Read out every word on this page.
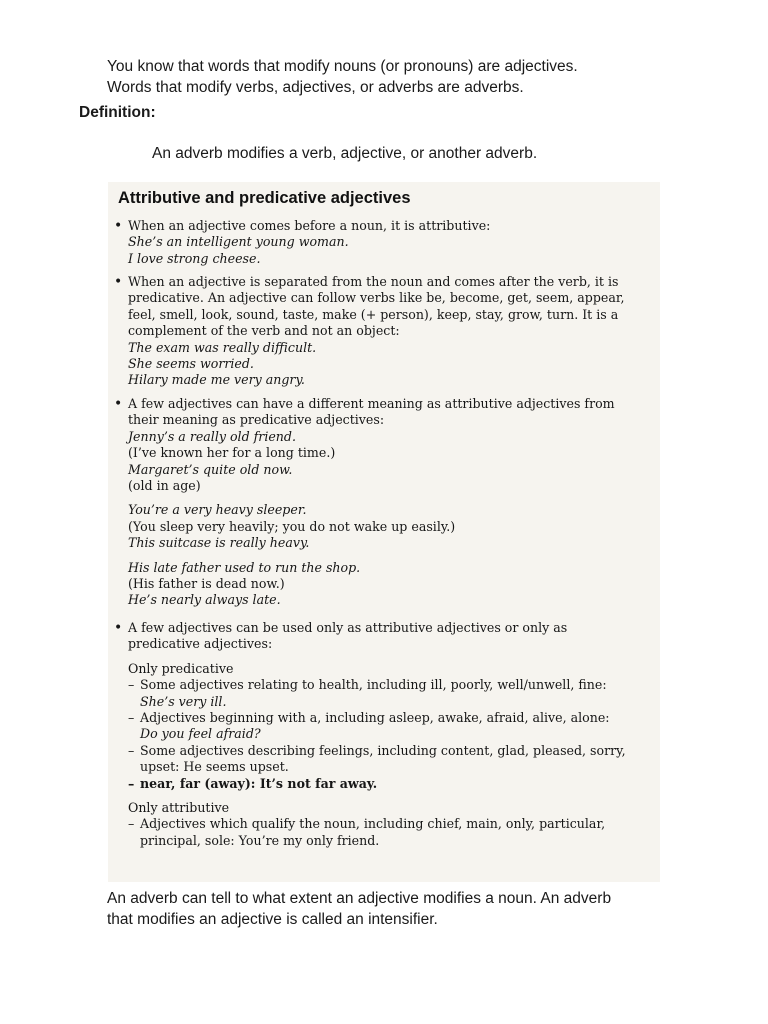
You know that words that modify nouns (or pronouns) are adjectives.

Words that modify verbs, adjectives, or adverbs are adverbs.

Definition:

An adverb modifies a verb, adjective, or another adverb.

Attributive and predicative adjectives

• When an adjective comes before a noun, it is attributive:

She’s an intelligent young woman.

I love strong cheese.

• When an adjective is separated from the noun and comes after the verb, it is

predicative. An adjective can follow verbs like be, become, get, seem, appear,

feel, smell, look, sound, taste, make (+ person), keep, stay, grow, turn. It is a

complement of the verb and not an object:

The exam was really difficult.

She seems worried.

Hilary made me very angry.

• A few adjectives can have a different meaning as attributive adjectives from

their meaning as predicative adjectives:

Jenny’s a really old friend.

(I’ve known her for a long time.)

Margaret’s quite old now.

(old in age)

You’re a very heavy sleeper.

(You sleep very heavily; you do not wake up easily.)

This suitcase is really heavy.

His late father used to run the shop.

(His father is dead now.)

He’s nearly always late.

• A few adjectives can be used only as attributive adjectives or only as

predicative adjectives:

Only predicative

– Some adjectives relating to health, including ill, poorly, well/unwell, fine:

She’s very ill.

– Adjectives beginning with a, including asleep, awake, afraid, alive, alone:

Do you feel afraid?

– Some adjectives describing feelings, including content, glad, pleased, sorry,

upset: He seems upset.

– near, far (away): It’s not far away.

Only attributive

– Adjectives which qualify the noun, including chief, main, only, particular,

principal, sole: You’re my only friend.

An adverb can tell to what extent an adjective modifies a noun. An adverb

that modifies an adjective is called an intensifier.
